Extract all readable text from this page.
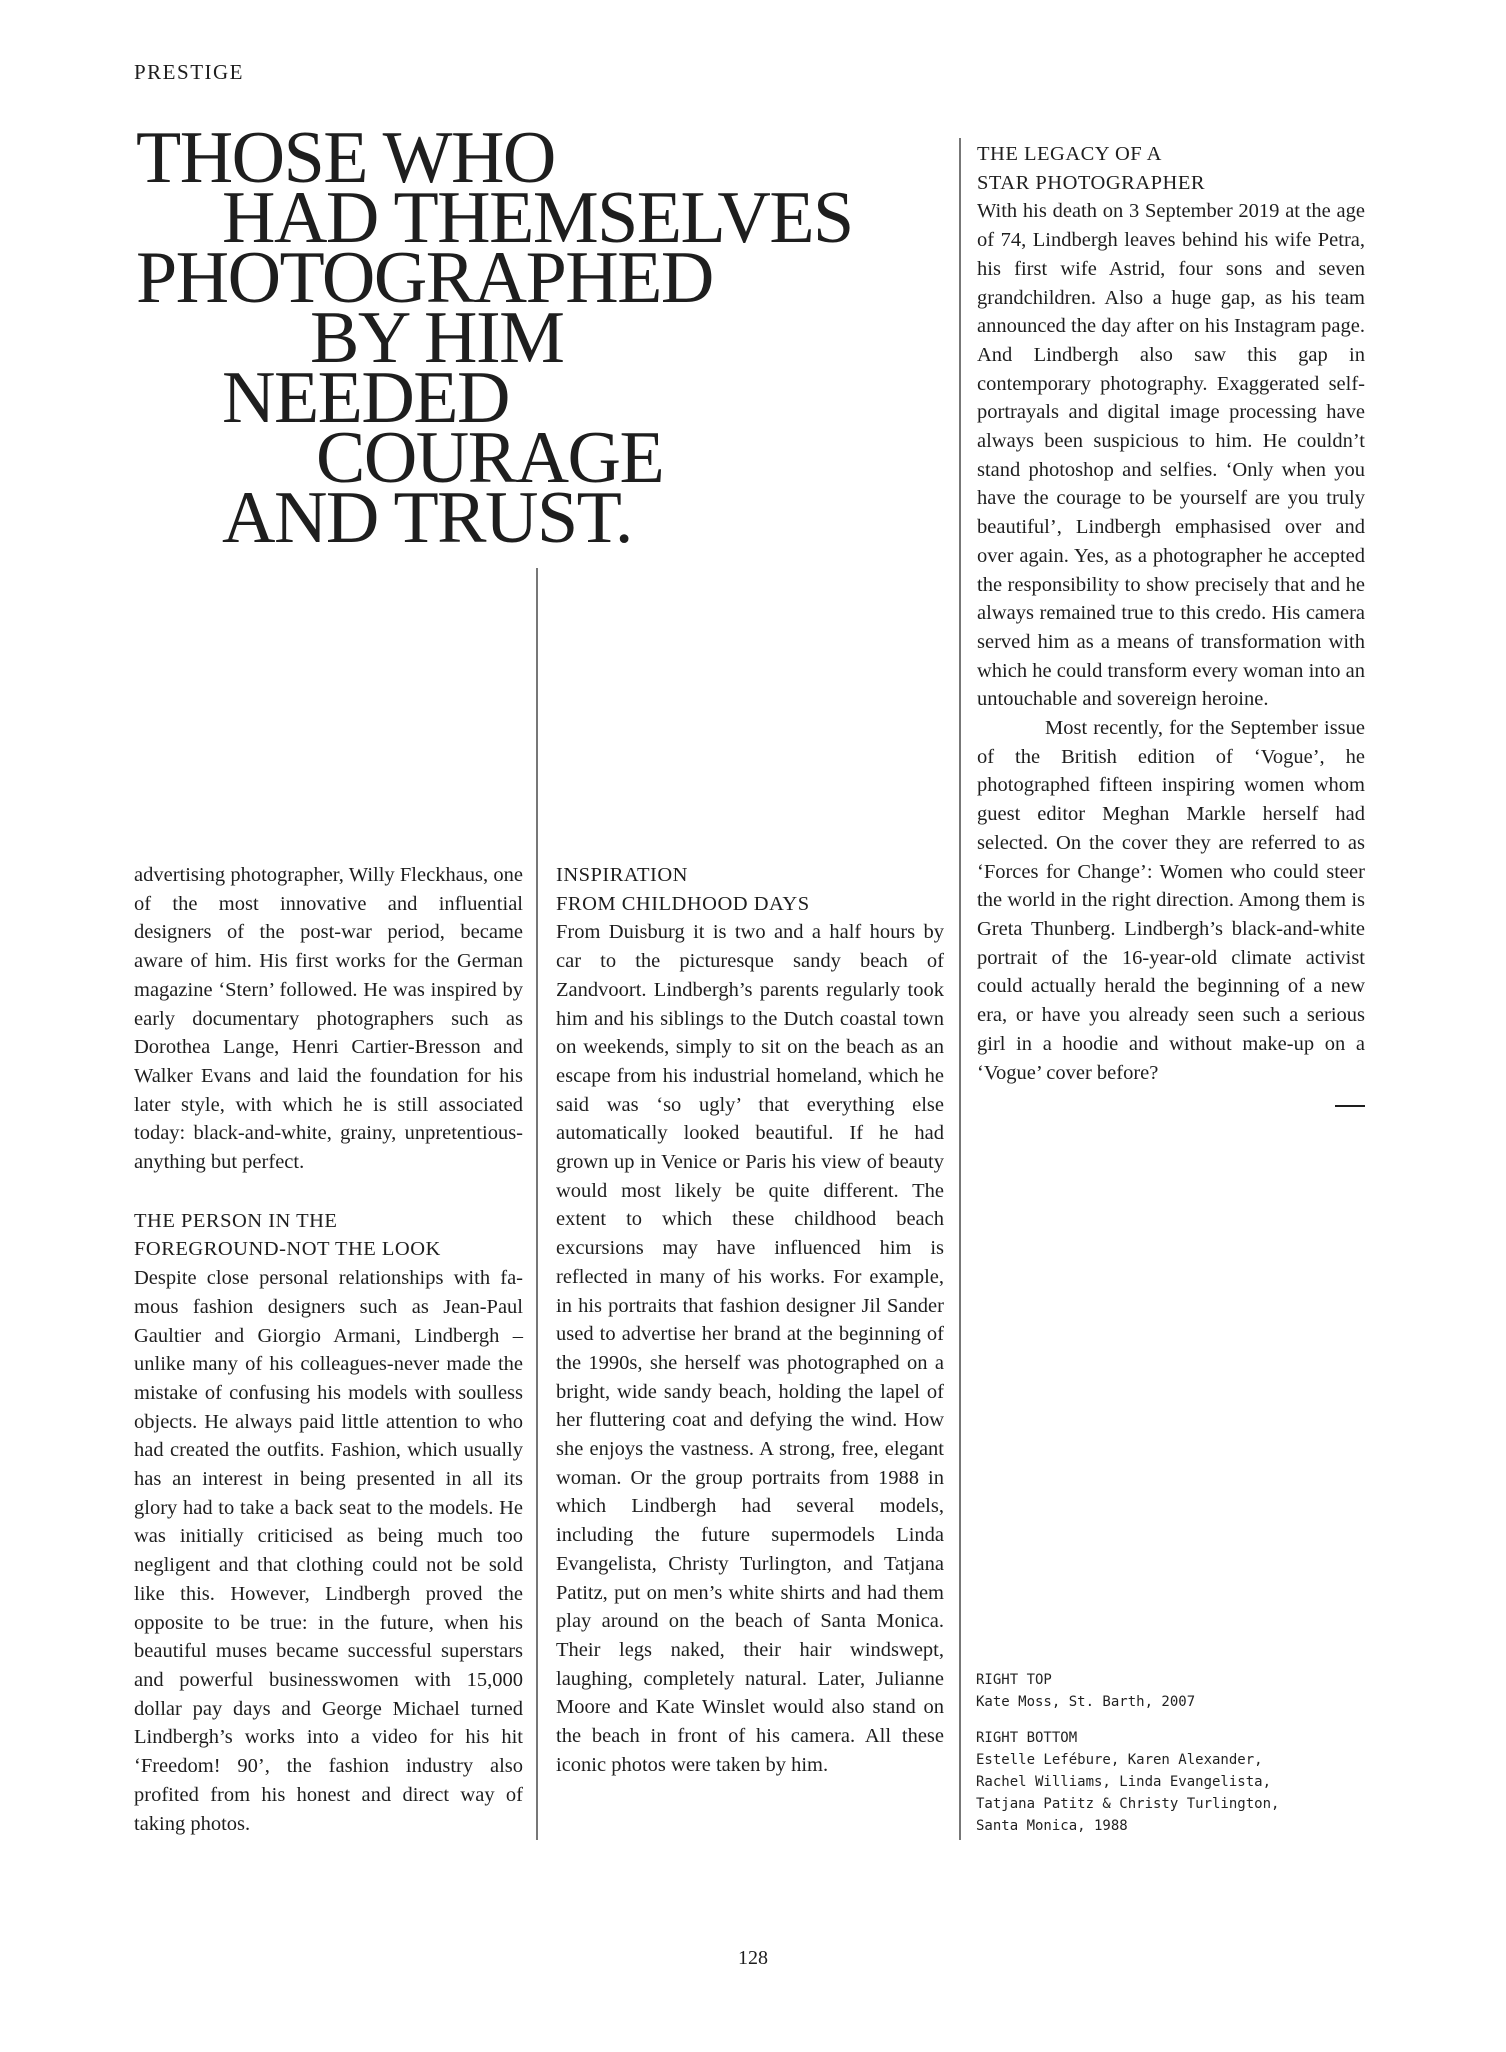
PRESTIGE
THOSE WHO
HAD THEMSELVES
PHOTOGRAPHED
BY HIM
NEEDED
COURAGE
AND TRUST.

advertising photographer, Willy Fleckhaus, one of the most innovative and influential designers of the post-war period, became aware of him. His first works for the German magazine ‘Stern’ followed. He was inspired by early documentary photographers such as Dorothea Lange, Henri Cartier-Bresson and Walker Evans and laid the foundation for his later style, with which he is still associated today: black-and-white, grainy, unpretentious-anything but perfect.

THE PERSON IN THE
FOREGROUND-NOT THE LOOK

Despite close personal relationships with famous fashion designers such as Jean-Paul Gaultier and Giorgio Armani, Lindbergh – unlike many of his colleagues-never made the mistake of confusing his models with soulless objects. He always paid little attention to who had created the outfits. Fashion, which usually has an interest in being presented in all its glory had to take a back seat to the models. He was initially criticised as being much too negligent and that clothing could not be sold like this. However, Lindbergh proved the opposite to be true: in the future, when his beautiful muses became successful superstars and powerful businesswomen with 15,000 dollar pay days and George Michael turned Lindbergh’s works into a video for his hit ‘Freedom! 90’, the fashion industry also profited from his honest and direct way of taking photos.

INSPIRATION
FROM CHILDHOOD DAYS

From Duisburg it is two and a half hours by car to the picturesque sandy beach of Zandvoort. Lindbergh’s parents regularly took him and his siblings to the Dutch coastal town on weekends, simply to sit on the beach as an escape from his industrial homeland, which he said was ‘so ugly’ that everything else automatically looked beautiful. If he had grown up in Venice or Paris his view of beauty would most likely be quite different. The extent to which these childhood beach excursions may have influenced him is reflected in many of his works. For example, in his portraits that fashion designer Jil Sander used to advertise her brand at the beginning of the 1990s, she herself was photographed on a bright, wide sandy beach, holding the lapel of her fluttering coat and defying the wind. How she enjoys the vastness. A strong, free, elegant woman. Or the group portraits from 1988 in which Lindbergh had several models, including the future supermodels Linda Evangelista, Christy Turlington, and Tatjana Patitz, put on men’s white shirts and had them play around on the beach of Santa Monica. Their legs naked, their hair windswept, laughing, completely natural. Later, Julianne Moore and Kate Winslet would also stand on the beach in front of his camera. All these iconic photos were taken by him.

THE LEGACY OF A
STAR PHOTOGRAPHER

With his death on 3 September 2019 at the age of 74, Lindbergh leaves behind his wife Petra, his first wife Astrid, four sons and seven grandchildren. Also a huge gap, as his team announced the day after on his Instagram page. And Lindbergh also saw this gap in contemporary photography. Exaggerated self-portrayals and digital image processing have always been suspicious to him. He couldn’t stand photoshop and selfies. ‘Only when you have the courage to be yourself are you truly beautiful’, Lindbergh emphasised over and over again. Yes, as a photographer he accepted the responsibility to show precisely that and he always remained true to this credo. His camera served him as a means of transformation with which he could transform every woman into an untouchable and sovereign heroine.

Most recently, for the September issue of the British edition of ‘Vogue’, he photographed fifteen inspiring women whom guest editor Meghan Markle herself had selected. On the cover they are referred to as ‘Forces for Change’: Women who could steer the world in the right direction. Among them is Greta Thunberg. Lindbergh’s black-and-white portrait of the 16-year-old climate activist could actually herald the beginning of a new era, or have you already seen such a serious girl in a hoodie and without make-up on a ‘Vogue’ cover before?

RIGHT TOP
Kate Moss, St. Barth, 2007
RIGHT BOTTOM
Estelle Lefébure, Karen Alexander, Rachel Williams, Linda Evangelista, Tatjana Patitz & Christy Turlington, Santa Monica, 1988
128
